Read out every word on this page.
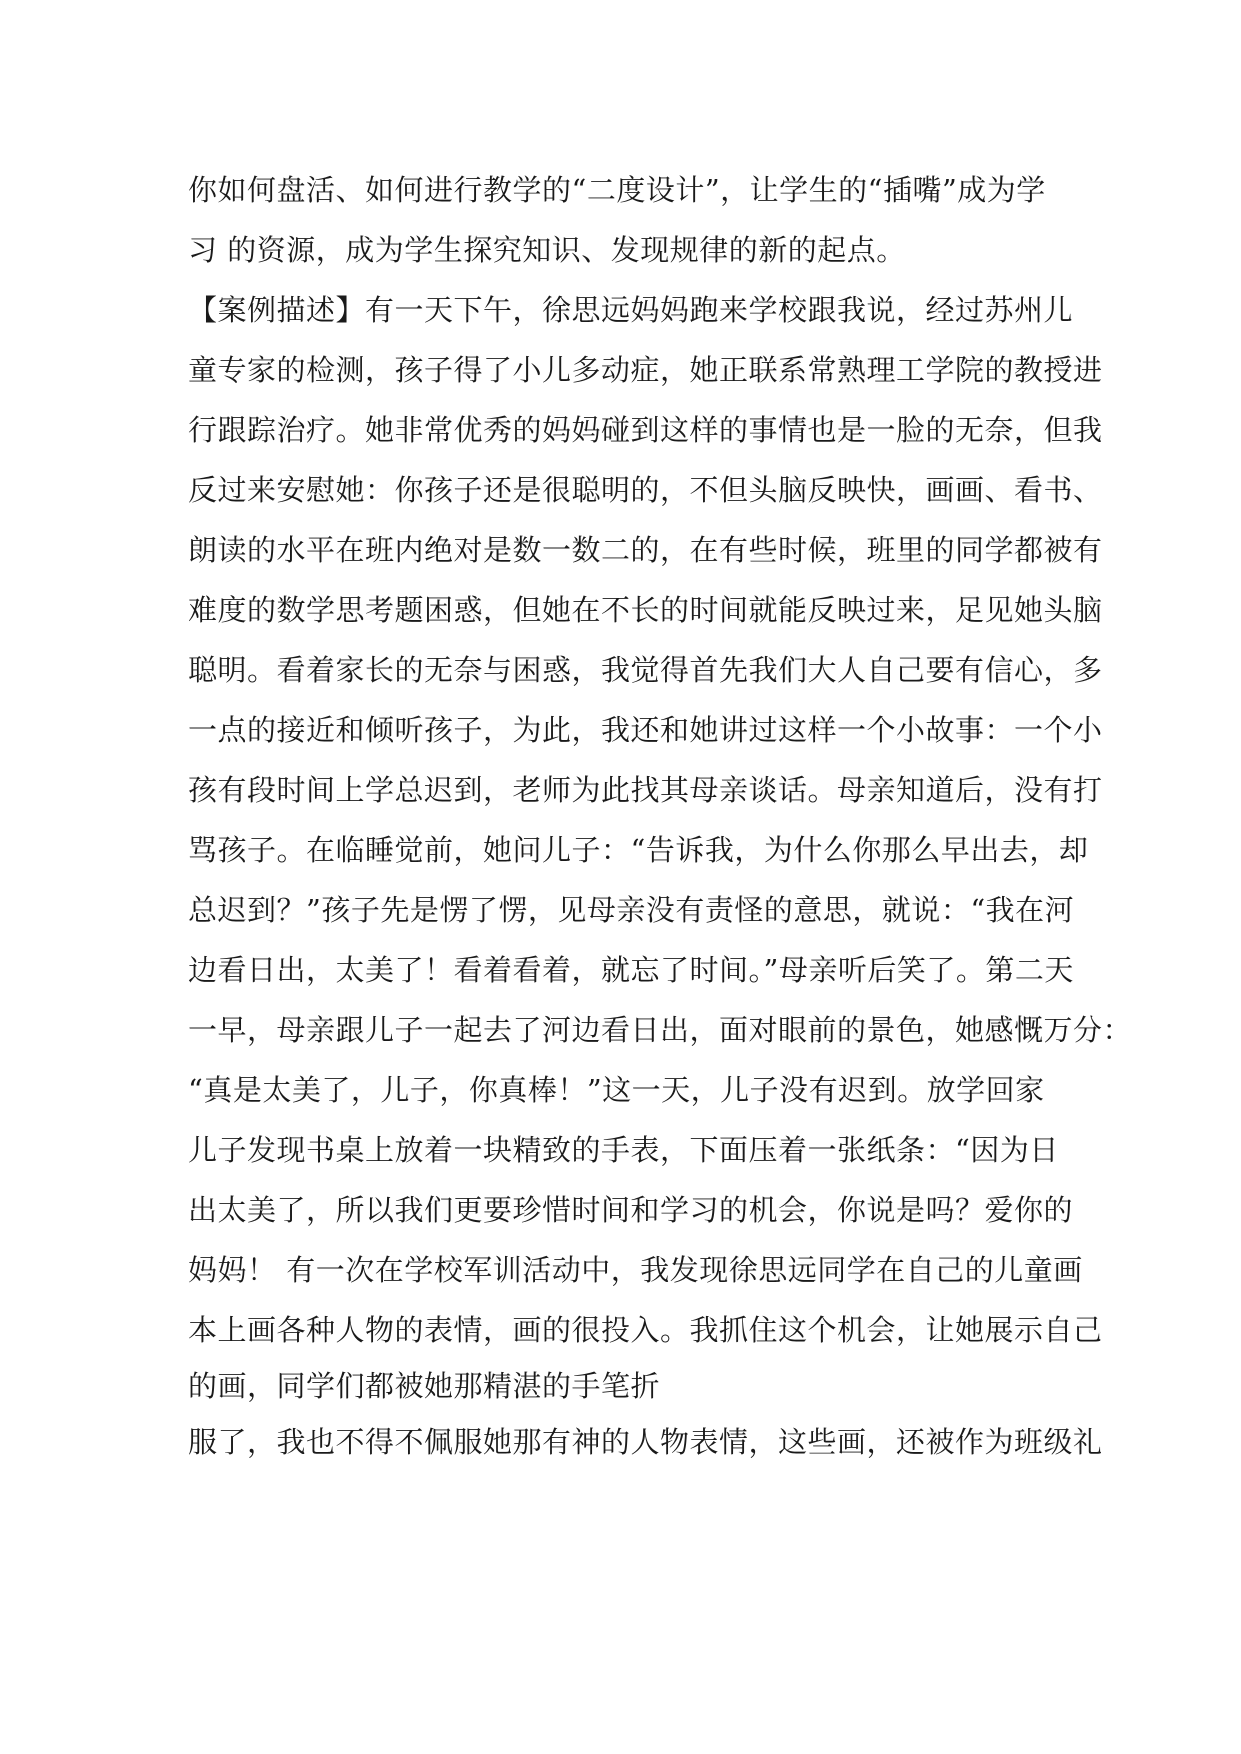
你如何盘活、如何进行教学的“二度设计”，让学生的“插嘴”成为学
习 的资源，成为学生探究知识、发现规律的新的起点。
【案例描述】有一天下午，徐思远妈妈跑来学校跟我说，经过苏州儿
童专家的检测，孩子得了小儿多动症，她正联系常熟理工学院的教授进
行跟踪治疗。她非常优秀的妈妈碰到这样的事情也是一脸的无奈，但我
反过来安慰她：你孩子还是很聪明的，不但头脑反映快，画画、看书、
朗读的水平在班内绝对是数一数二的，在有些时候，班里的同学都被有
难度的数学思考题困惑，但她在不长的时间就能反映过来，足见她头脑
聪明。看着家长的无奈与困惑，我觉得首先我们大人自己要有信心，多
一点的接近和倾听孩子，为此，我还和她讲过这样一个小故事：一个小
孩有段时间上学总迟到，老师为此找其母亲谈话。母亲知道后，没有打
骂孩子。在临睡觉前，她问儿子：“告诉我，为什么你那么早出去，却
总迟到？”孩子先是愣了愣，见母亲没有责怪的意思，就说：“我在河
边看日出，太美了！看着看着，就忘了时间。”母亲听后笑了。第二天
一早，母亲跟儿子一起去了河边看日出，面对眼前的景色，她感慨万分：
“真是太美了，儿子，你真棒！”这一天，儿子没有迟到。放学回家
儿子发现书桌上放着一块精致的手表，下面压着一张纸条：“因为日
出太美了，所以我们更要珍惜时间和学习的机会，你说是吗？爱你的
妈妈！ 有一次在学校军训活动中，我发现徐思远同学在自己的儿童画
本上画各种人物的表情，画的很投入。我抓住这个机会，让她展示自己
的画，同学们都被她那精湛的手笔折
服了，我也不得不佩服她那有神的人物表情，这些画，还被作为班级礼
